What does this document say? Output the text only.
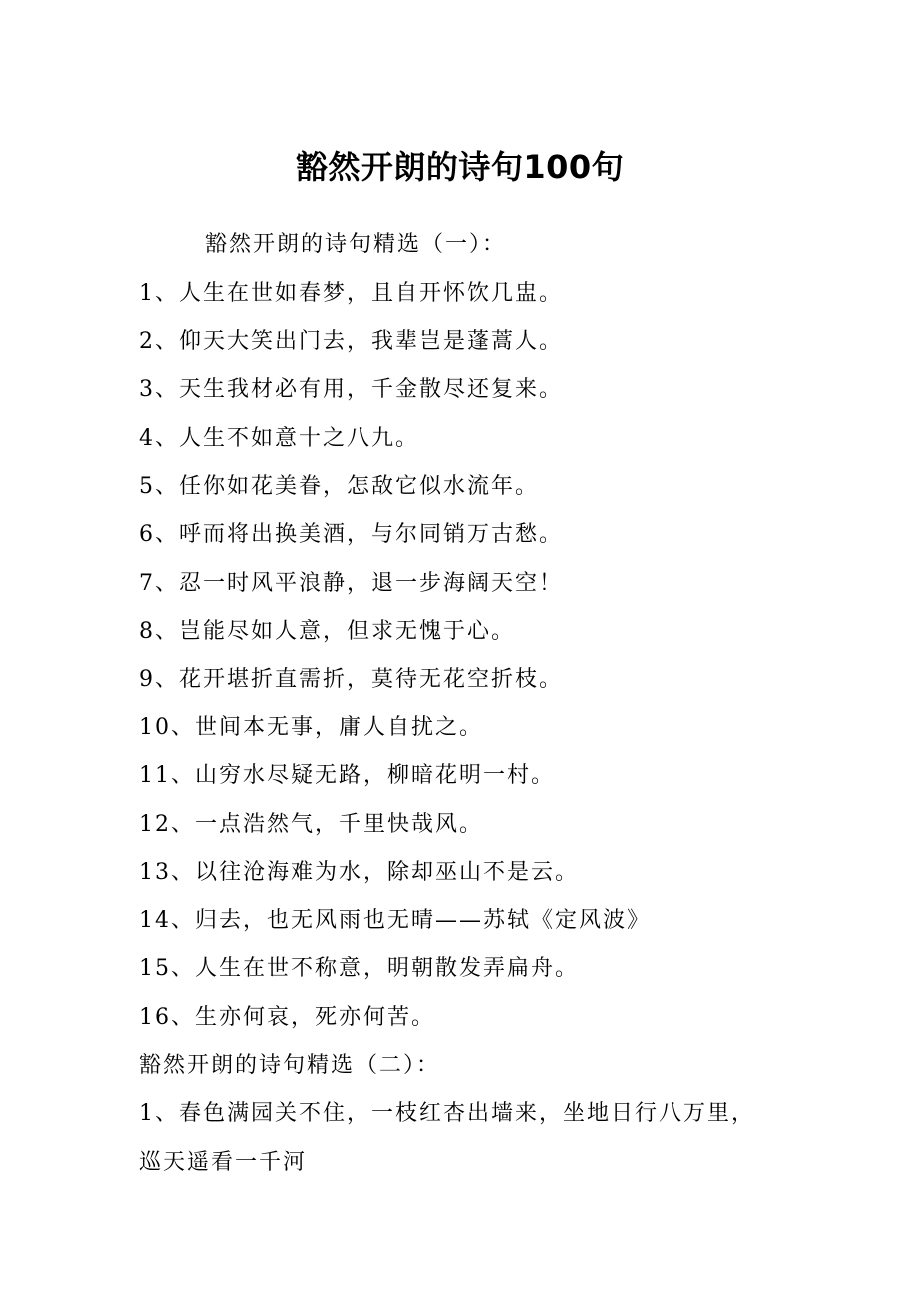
豁然开朗的诗句100句
豁然开朗的诗句精选（一）：
1、人生在世如春梦，且自开怀饮几盅。
2、仰天大笑出门去，我辈岂是蓬蒿人。
3、天生我材必有用，千金散尽还复来。
4、人生不如意十之八九。
5、任你如花美眷，怎敌它似水流年。
6、呼而将出换美酒，与尔同销万古愁。
7、忍一时风平浪静，退一步海阔天空！
8、岂能尽如人意，但求无愧于心。
9、花开堪折直需折，莫待无花空折枝。
10、世间本无事，庸人自扰之。
11、山穷水尽疑无路，柳暗花明一村。
12、一点浩然气，千里快哉风。
13、以往沧海难为水，除却巫山不是云。
14、归去，也无风雨也无晴——苏轼《定风波》
15、人生在世不称意，明朝散发弄扁舟。
16、生亦何哀，死亦何苦。
豁然开朗的诗句精选（二）：
1、春色满园关不住，一枝红杏出墙来，坐地日行八万里，
巡天遥看一千河
